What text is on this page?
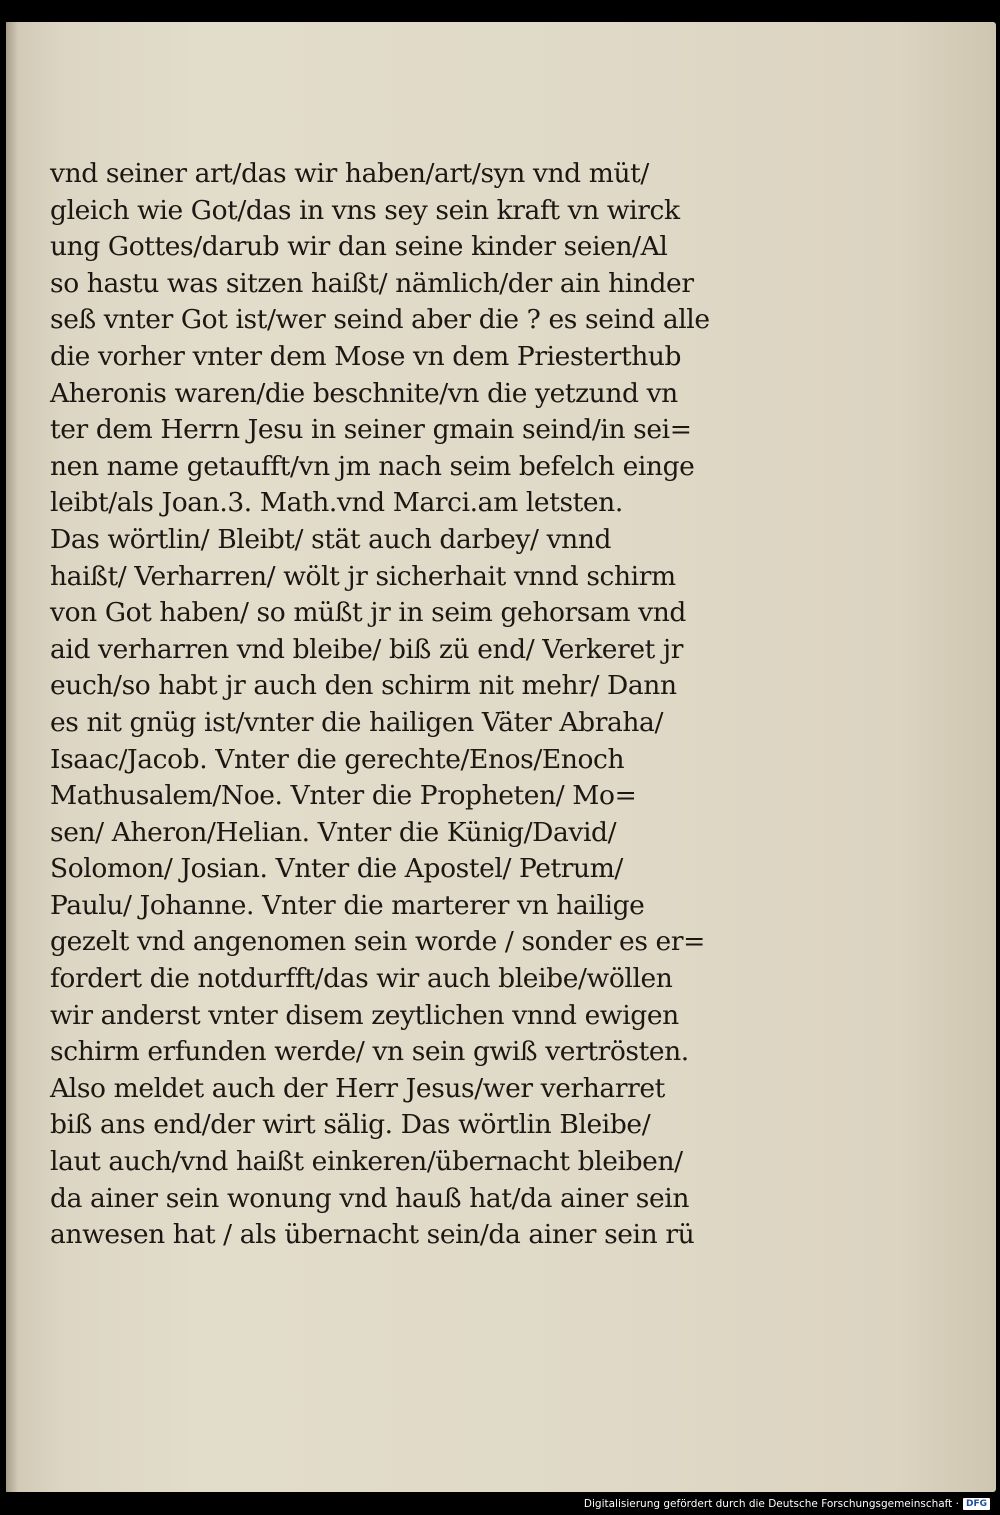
vnd seiner art/das wir haben/art/syn vnd müt/
gleich wie Got/das in vns sey sein kraft vn wirck
ung Gottes/darub wir dan seine kinder seien/Al
so hastu was sitzen haißt/ nämlich/der ain hinder
seß vnter Got ist/wer seind aber die ? es seind alle
die vorher vnter dem Mose vn dem Priesterthub
Aheronis waren/die beschnite/vn die yetzund vn
ter dem Herrn Jesu in seiner gmain seind/in sei=
nen name getaufft/vn jm nach seim befelch einge
leibt/als Joan.3. Math.vnd Marci.am letsten.
Das wörtlin/ Bleibt/ stät auch darbey/ vnnd
haißt/ Verharren/ wölt jr sicherhait vnnd schirm
von Got haben/ so müßt jr in seim gehorsam vnd
aid verharren vnd bleibe/ biß zü end/ Verkeret jr
euch/so habt jr auch den schirm nit mehr/ Dann
es nit gnüg ist/vnter die hailigen Väter Abraha/
Isaac/Jacob. Vnter die gerechte/Enos/Enoch
Mathusalem/Noe. Vnter die Propheten/ Mo=
sen/ Aheron/Helian. Vnter die Künig/David/
Solomon/ Josian. Vnter die Apostel/ Petrum/
Paulu/ Johanne. Vnter die marterer vn hailige
gezelt vnd angenomen sein worde / sonder es er=
fordert die notdurfft/das wir auch bleibe/wöllen
wir anderst vnter disem zeytlichen vnnd ewigen
schirm erfunden werde/ vn sein gwiß vertrösten.
Also meldet auch der Herr Jesus/wer verharret
biß ans end/der wirt sälig. Das wörtlin Bleibe/
laut auch/vnd haißt einkeren/übernacht bleiben/
da ainer sein wonung vnd hauß hat/da ainer sein
anwesen hat / als übernacht sein/da ainer sein rü
Digitalisierung gefördert durch die Deutsche Forschungsgemeinschaft · DFG
